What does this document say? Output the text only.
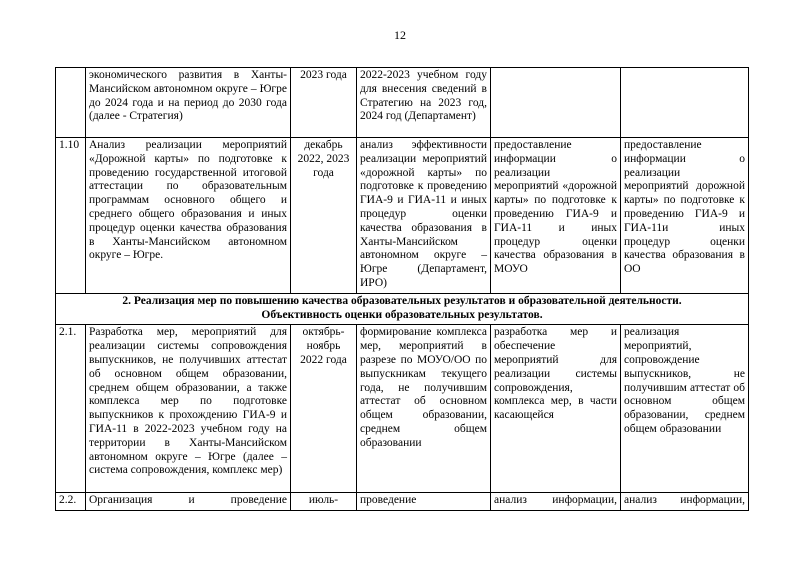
12
	экономического развития в Ханты-Мансийском автономном округе – Югре до 2024 года и на период до 2030 года (далее - Стратегия)	2023 года	2022-2023 учебном году для внесения сведений в Стратегию на 2023 год, 2024 год (Департамент)		
1.10	Анализ реализации мероприятий «Дорожной карты» по подготовке к проведению государственной итоговой аттестации по образовательным программам основного общего и среднего общего образования и иных процедур оценки качества образования в Ханты-Мансийском автономном округе – Югре.	декабрь 2022, 2023 года	анализ эффективности реализации мероприятий «дорожной карты» по подготовке к проведению ГИА-9 и ГИА-11 и иных процедур оценки качества образования в Ханты-Мансийском автономном округе – Югре (Департамент, ИРО)	предоставление информации о реализации мероприятий «дорожной карты» по подготовке к проведению ГИА-9 и ГИА-11 и иных процедур оценки качества образования в МОУО	предоставление информации о реализации мероприятий дорожной карты» по подготовке к проведению ГИА-9 и ГИА-11и иных процедур оценки качества образования в ОО

2. Реализация мер по повышению качества образовательных результатов и образовательной деятельности.
Объективность оценки образовательных результатов.					

2.1.	Разработка мер, мероприятий для реализации системы сопровождения выпускников, не получивших аттестат об основном общем образовании, среднем общем образовании, а также комплекса мер по подготовке выпускников к прохождению ГИА-9 и ГИА-11 в 2022-2023 учебном году на территории в Ханты-Мансийском автономном округе – Югре (далее – система сопровождения, комплекс мер)	октябрь-ноябрь 2022 года	формирование комплекса мер, мероприятий в разрезе по МОУО/ОО по выпускникам текущего года, не получившим аттестат об основном общем образовании, среднем общем образовании	разработка мер и обеспечение мероприятий для реализации системы сопровождения, комплекса мер, в части касающейся	реализация мероприятий, сопровождение выпускников, не получившим аттестат об основном общем образовании, среднем общем образовании
2.2.	Организация и проведение	июль-	проведение	анализ информации,	анализ информации,
